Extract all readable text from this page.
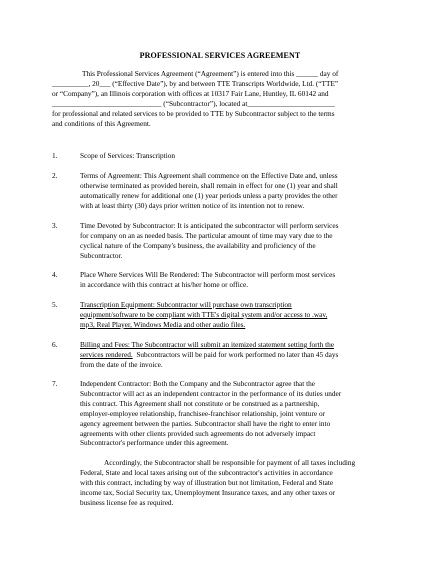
PROFESSIONAL SERVICES AGREEMENT

This Professional Services Agreement (“Agreement”) is entered into this ______ day of

__________, 20___ (“Effective Date”), by and between TTE Transcripts Worldwide, Ltd. (“TTE”

or “Company”), an Illinois corporation with offices at 10317 Fair Lane, Huntley, IL 60142 and

______________________________ (“Subcontractor”), located at________________________

for professional and related services to be provided to TTE by Subcontractor subject to the terms

and conditions of this Agreement.

1.	Scope of Services: Transcription
2.	Terms of Agreement: This Agreement shall commence on the Effective Date and, unless
otherwise terminated as provided herein, shall remain in effect for one (1) year and shall
automatically renew for additional one (1) year periods unless a party provides the other
with at least thirty (30) days prior written notice of its intention not to renew.
3.	Time Devoted by Subcontractor: It is anticipated the subcontractor will perform services
for company on an as needed basis. The particular amount of time may vary due to the
cyclical nature of the Company's business, the availability and proficiency of the
Subcontractor.
4.	Place Where Services Will Be Rendered: The Subcontractor will perform most services
in accordance with this contract at his/her home or office.
5.	Transcription Equipment: Subcontractor will purchase own transcription
equipment/software to be compliant with TTE's digital system and/or access to .wav,
mp3, Real Player, Windows Media and other audio files.
6.	Billing and Fees: The Subcontractor will submit an itemized statement setting forth the
services rendered. Subcontractors will be paid for work performed no later than 45 days
from the date of the invoice.
7.	Independent Contractor: Both the Company and the Subcontractor agree that the
Subcontractor will act as an independent contractor in the performance of its duties under
this contract. This Agreement shall not constitute or be construed as a partnership,
employer-employee relationship, franchisee-franchisor relationship, joint venture or
agency agreement between the parties. Subcontractor shall have the right to enter into
agreements with other clients provided such agreements do not adversely impact
Subcontractor's performance under this agreement.
Accordingly, the Subcontractor shall be responsible for payment of all taxes including
Federal, State and local taxes arising out of the subcontractor's activities in accordance
with this contract, including by way of illustration but not limitation, Federal and State
income tax, Social Security tax, Unemployment Insurance taxes, and any other taxes or
business license fee as required.
